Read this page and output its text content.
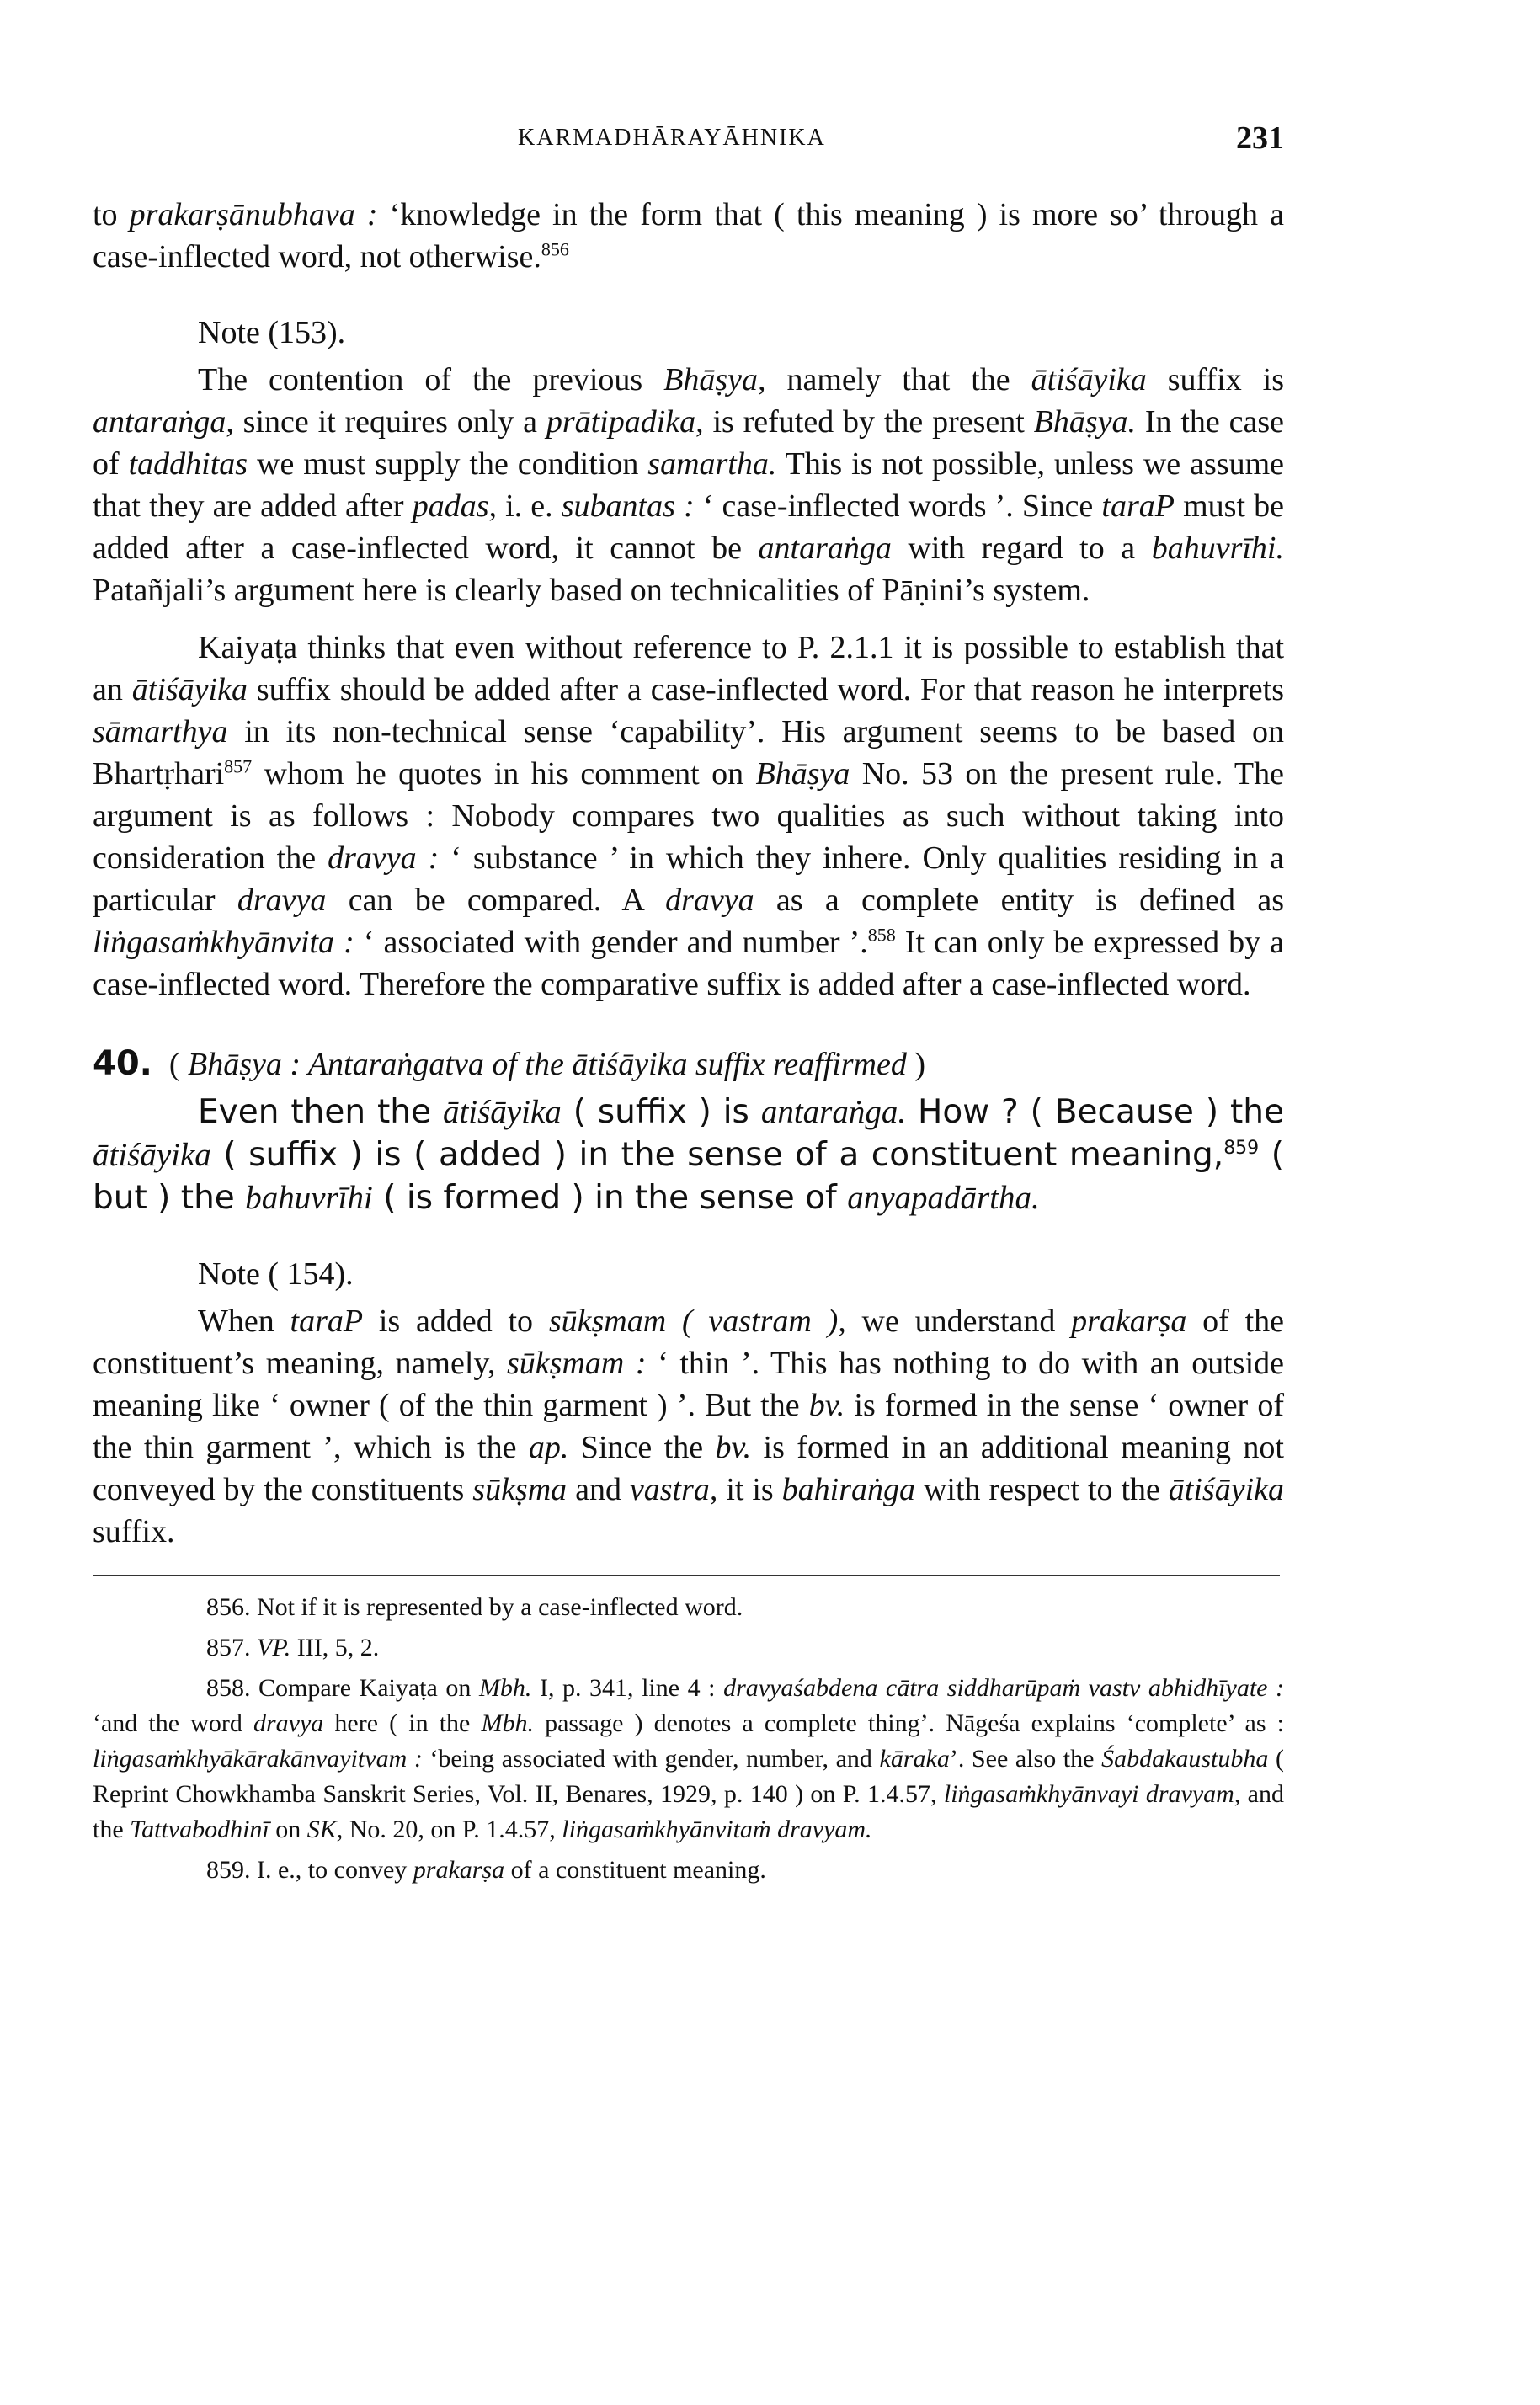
KARMADHĀRAYĀHNIKA	231

to prakarṣānubhava : ‘knowledge in the form that ( this meaning ) is more so’ through a case-inflected word, not otherwise.$^{856}$

Note (153).

The contention of the previous Bhāṣya, namely that the ātiśāyika suffix is antaraṅga, since it requires only a prātipadika, is refuted by the present Bhāṣya. In the case of taddhitas we must supply the condition samartha. This is not possible, unless we assume that they are added after padas, i. e. subantas : ‘ case-inflected words ’. Since taraP must be added after a case-inflected word, it cannot be antaraṅga with regard to a bahuvrīhi. Patañjali’s argument here is clearly based on technicalities of Pāṇini’s system.

Kaiyaṭa thinks that even without reference to P. 2.1.1 it is possible to establish that an ātiśāyika suffix should be added after a case-inflected word. For that reason he interprets sāmarthya in its non-technical sense ‘capability’. His argument seems to be based on Bhartṛhari$^{857}$ whom he quotes in his comment on Bhāṣya No. 53 on the present rule. The argument is as follows : Nobody compares two qualities as such without taking into consideration the dravya : ‘ substance ’ in which they inhere. Only qualities residing in a particular dravya can be compared. A dravya as a complete entity is defined as liṅgasaṁkhyānvita : ‘ associated with gender and number ’.$^{858}$ It can only be expressed by a case-inflected word. Therefore the comparative suffix is added after a case-inflected word.

40. ( Bhāṣya : Antaraṅgatva of the ātiśāyika suffix reaffirmed )

Even then the ātiśāyika ( suffix ) is antaraṅga. How ? ( Because ) the ātiśāyika ( suffix ) is ( added ) in the sense of a constituent meaning,$^{859}$ ( but ) the bahuvrīhi ( is formed ) in the sense of anyapadārtha.

Note ( 154).

When taraP is added to sūkṣmam ( vastram ), we understand prakarṣa of the constituent’s meaning, namely, sūkṣmam : ‘ thin ’. This has nothing to do with an outside meaning like ‘ owner ( of the thin garment ) ’. But the bv. is formed in the sense ‘ owner of the thin garment ’, which is the ap. Since the bv. is formed in an additional meaning not conveyed by the constituents sūkṣma and vastra, it is bahiraṅga with respect to the ātiśāyika suffix.

856. Not if it is represented by a case-inflected word.

857. VP. III, 5, 2.

858. Compare Kaiyaṭa on Mbh. I, p. 341, line 4 : dravyaśabdena cātra siddharūpaṁ vastv abhidhīyate : ‘and the word dravya here ( in the Mbh. passage ) denotes a complete thing’. Nāgeśa explains ‘complete’ as : liṅgasaṁkhyākārakānvayitvam : ‘being associated with gender, number, and kāraka’. See also the Śabdakaustubha ( Reprint Chowkhamba Sanskrit Series, Vol. II, Benares, 1929, p. 140 ) on P. 1.4.57, liṅgasaṁkhyānvayi dravyam, and the Tattvabodhinī on SK, No. 20, on P. 1.4.57, liṅgasaṁkhyānvitaṁ dravyam.

859. I. e., to convey prakarṣa of a constituent meaning.
